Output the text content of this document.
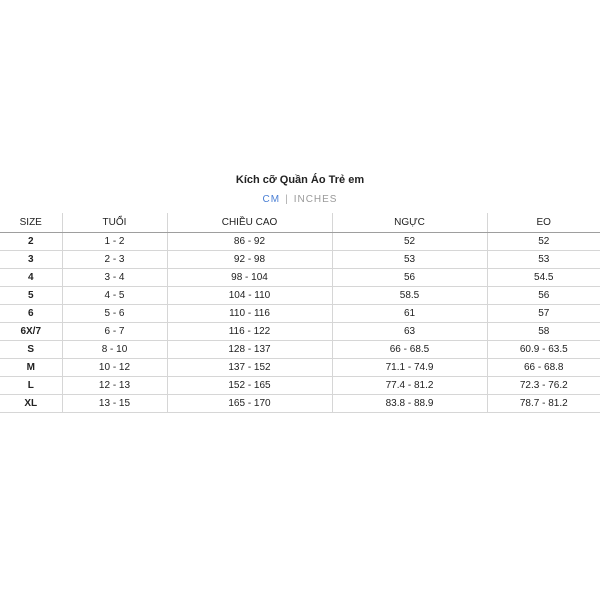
Kích cỡ Quần Áo Trẻ em
CM | INCHES
SIZE	TUỔI	CHIỀU CAO	NGỰC	EO
2	1 - 2	86 - 92	52	52
3	2 - 3	92 - 98	53	53
4	3 - 4	98 - 104	56	54.5
5	4 - 5	104 - 110	58.5	56
6	5 - 6	110 - 116	61	57
6X/7	6 - 7	116 - 122	63	58
S	8 - 10	128 - 137	66 - 68.5	60.9 - 63.5
M	10 - 12	137 - 152	71.1 - 74.9	66 - 68.8
L	12 - 13	152 - 165	77.4 - 81.2	72.3 - 76.2
XL	13 - 15	165 - 170	83.8 - 88.9	78.7 - 81.2
